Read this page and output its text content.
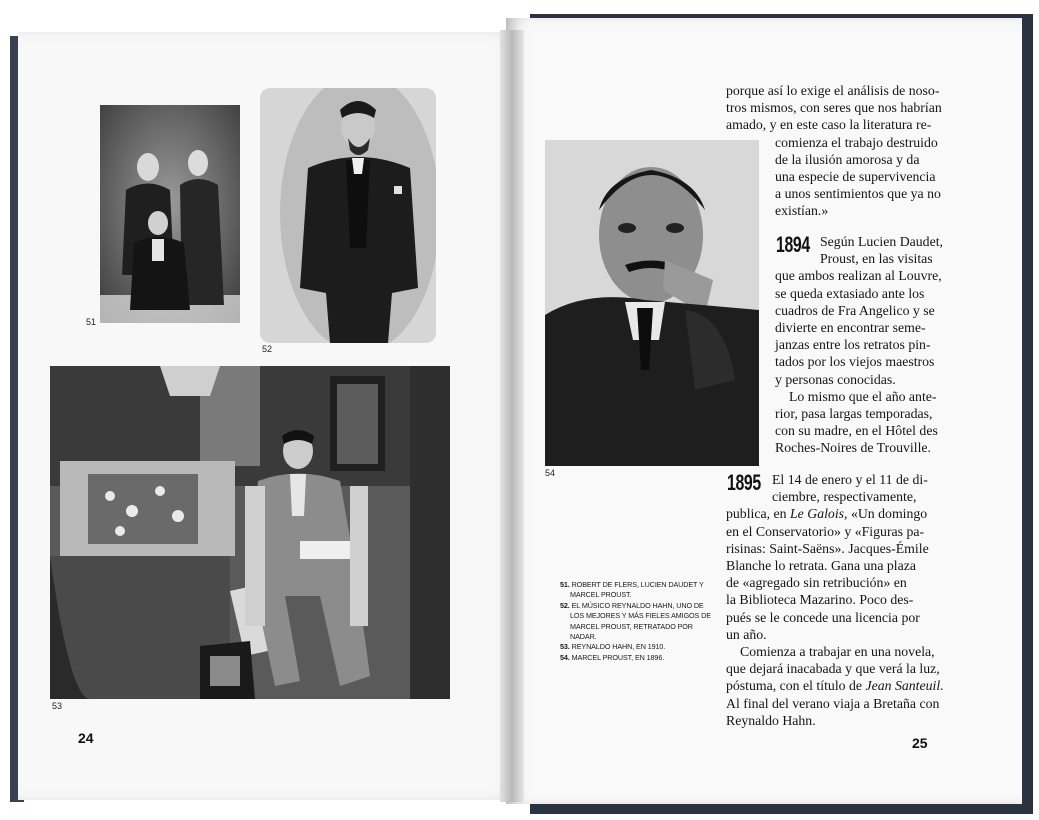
51
52
53
24
54
51. ROBERT DE FLERS, LUCIEN DAUDET Y MARCEL PROUST.
52. EL MÚSICO REYNALDO HAHN, UNO DE LOS MEJORES Y MÁS FIELES AMIGOS DE MARCEL PROUST, RETRATADO POR NADAR.
53. REYNALDO HAHN, EN 1910.
54. MARCEL PROUST, EN 1896.
porque así lo exige el análisis de noso-
tros mismos, con seres que nos habrían
amado, y en este caso la literatura re-
comienza el trabajo destruido
de la ilusión amorosa y da
una especie de supervivencia
a unos sentimientos que ya no
existían.»
1894 Según Lucien Daudet,
Proust, en las visitas
que ambos realizan al Louvre,
se queda extasiado ante los
cuadros de Fra Angelico y se
divierte en encontrar seme-
janzas entre los retratos pin-
tados por los viejos maestros
y personas conocidas.
Lo mismo que el año ante-
rior, pasa largas temporadas,
con su madre, en el Hôtel des
Roches-Noires de Trouville.
1895 El 14 de enero y el 11 de di-
ciembre, respectivamente,
publica, en Le Galois, «Un domingo
en el Conservatorio» y «Figuras pa-
risinas: Saint-Saëns». Jacques-Émile
Blanche lo retrata. Gana una plaza
de «agregado sin retribución» en
la Biblioteca Mazarino. Poco des-
pués se le concede una licencia por
un año.
Comienza a trabajar en una novela,
que dejará inacabada y que verá la luz,
póstuma, con el título de Jean Santeuil.
Al final del verano viaja a Bretaña con
Reynaldo Hahn.
25
